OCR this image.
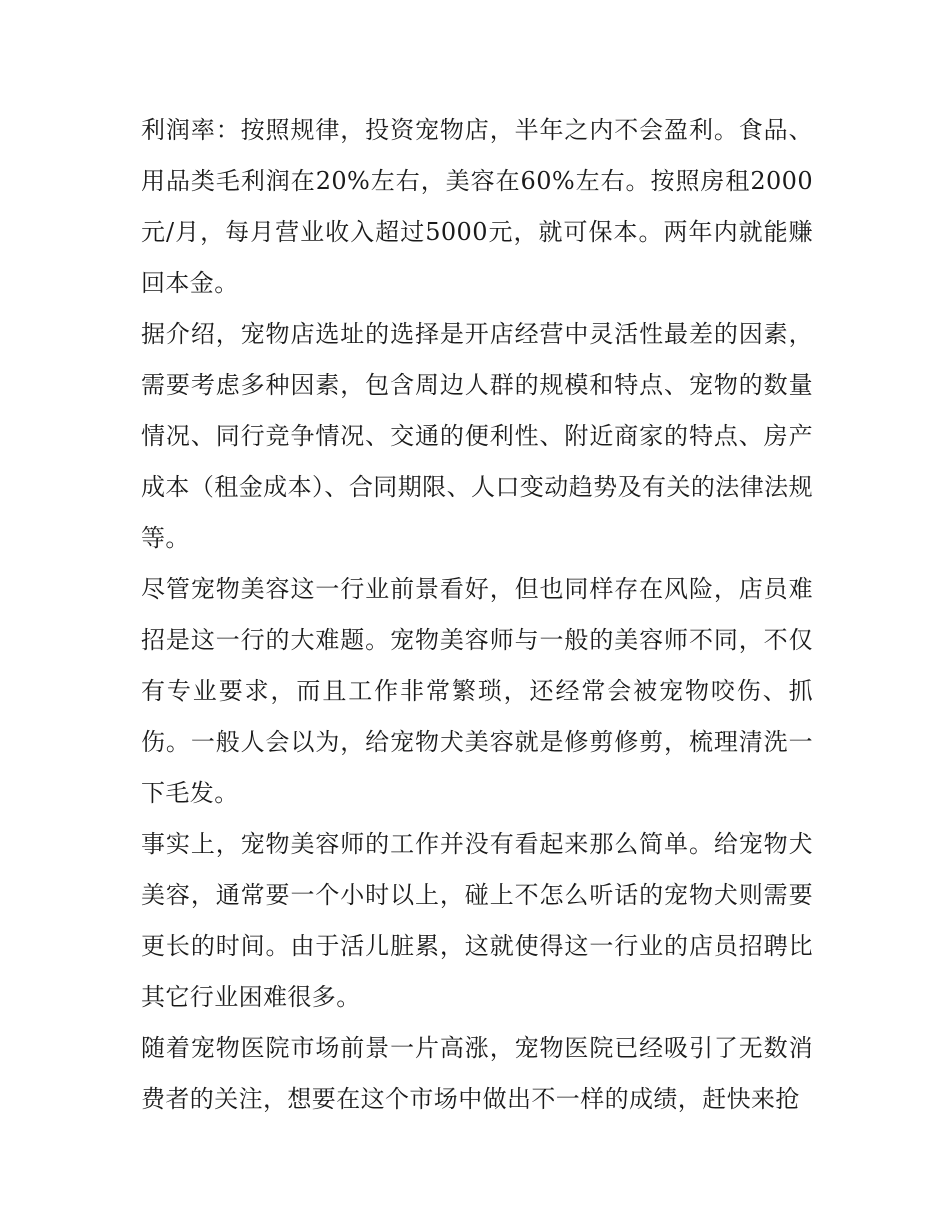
利润率：按照规律，投资宠物店，半年之内不会盈利。食品、用品类毛利润在20%左右，美容在60%左右。按照房租2000元/月，每月营业收入超过5000元，就可保本。两年内就能赚回本金。

据介绍，宠物店选址的选择是开店经营中灵活性最差的因素，需要考虑多种因素，包含周边人群的规模和特点、宠物的数量情况、同行竞争情况、交通的便利性、附近商家的特点、房产成本（租金成本）、合同期限、人口变动趋势及有关的法律法规等。

尽管宠物美容这一行业前景看好，但也同样存在风险，店员难招是这一行的大难题。宠物美容师与一般的美容师不同，不仅有专业要求，而且工作非常繁琐，还经常会被宠物咬伤、抓伤。一般人会以为，给宠物犬美容就是修剪修剪，梳理清洗一下毛发。

事实上，宠物美容师的工作并没有看起来那么简单。给宠物犬美容，通常要一个小时以上，碰上不怎么听话的宠物犬则需要更长的时间。由于活儿脏累，这就使得这一行业的店员招聘比其它行业困难很多。

随着宠物医院市场前景一片高涨，宠物医院已经吸引了无数消费者的关注，想要在这个市场中做出不一样的成绩，赶快来抢
